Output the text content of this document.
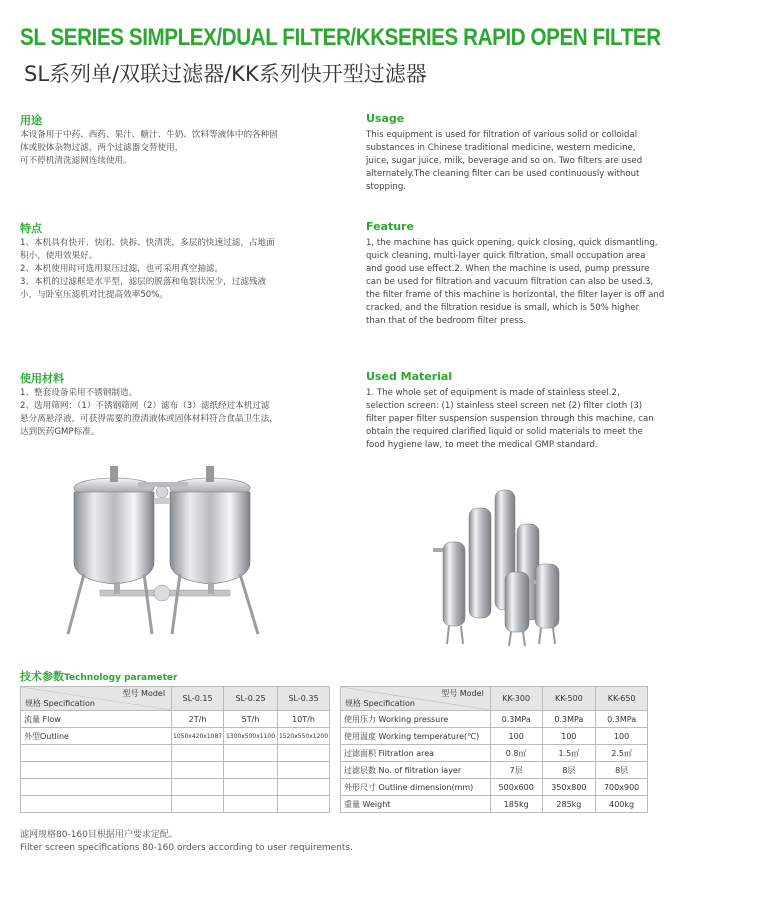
SL SERIES SIMPLEX/DUAL FILTER/KKSERIES RAPID OPEN FILTER
SL系列单/双联过滤器/KK系列快开型过滤器
用途
本设备用于中药、西药、果汁、糖汁、牛奶、饮料等液体中的各种固
体或胶体杂物过滤，两个过滤器交替使用，
可不停机清洗滤网连续使用。
Usage
This equipment is used for filtration of various solid or colloidal
substances in Chinese traditional medicine, western medicine,
juice, sugar juice, milk, beverage and so on. Two filters are used
alternately.The cleaning filter can be used continuously without
stopping.
特点
1、本机具有快开、快闭、快拆、快清洗，多层的快速过滤，占地面
积小，使用效果好。
2、本机使用时可选用泵压过滤，也可采用真空抽滤。
3、本机的过滤框是水平型，滤层的脱落和龟裂状况少，过滤残液
小，与卧室压滤机对比提高效率50%。
Feature
1, the machine has quick opening, quick closing, quick dismantling,
quick cleaning, multi-layer quick filtration, small occupation area
and good use effect.2. When the machine is used, pump pressure
can be used for filtration and vacuum filtration can also be used.3,
the filter frame of this machine is horizontal, the filter layer is off and
cracked, and the filtration residue is small, which is 50% higher
than that of the bedroom filter press.
使用材料
1、整套设备采用不锈钢制造。
2、选用筛网：（1）不锈钢筛网（2）滤布（3）滤纸经过本机过滤
悬分离悬浮液，可获得需要的澄清液体或固体材料符合食品卫生法，
达到医药GMP标准。
Used Material
1. The whole set of equipment is made of stainless steel.2,
selection screen: (1) stainless steel screen net (2) filter cloth (3)
filter paper filter suspension suspension through this machine, can
obtain the required clarified liquid or solid materials to meet the
food hygiene law, to meet the medical GMP standard.
技术参数Technology parameter
型号 Model
规格 Specification	SL-0.15	SL-0.25	SL-0.35
流量 Flow	2T/h	5T/h	10T/h
外型Outline	1050x420x1087	1300x500x1100	1520x550x1200

型号 Model
规格 Specification	KK-300	KK-500	KK-650
使用压力 Working pressure	0.3MPa	0.3MPa	0.3MPa
使用温度 Working temperature(℃)	100	100	100
过滤面积 Filtration area	0.8㎡	1.5㎡	2.5㎡
过滤层数 No. of filtration layer	7层	8层	8层
外形尺寸 Outline dimension(mm)	500x600	350x800	700x900
重量 Weight	185kg	285kg	400kg
滤网规格80-160目根据用户要求定配。
Filter screen specifications 80-160 orders according to user requirements.
